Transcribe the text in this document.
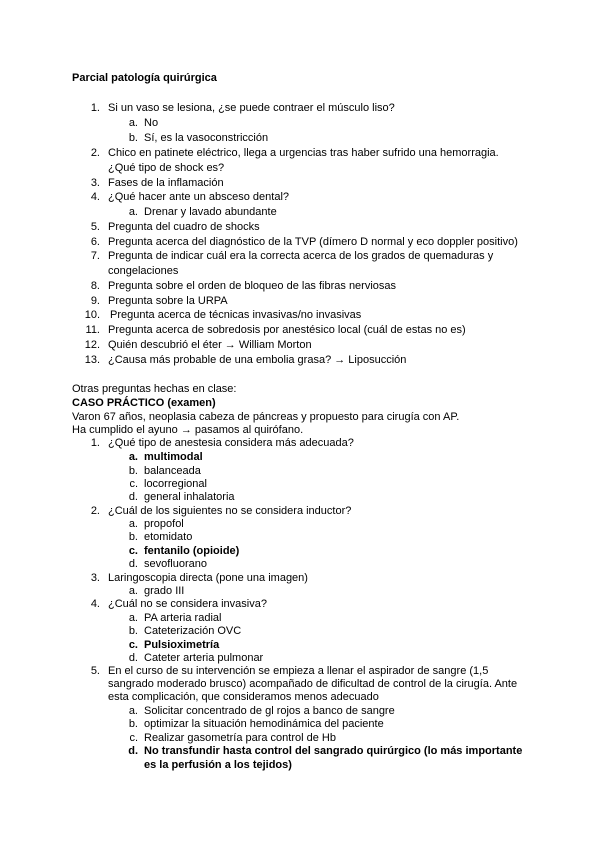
Parcial patología quirúrgica
1. Si un vaso se lesiona, ¿se puede contraer el músculo liso?
a. No
b. Sí, es la vasoconstricción
2. Chico en patinete eléctrico, llega a urgencias tras haber sufrido una hemorragia.
¿Qué tipo de shock es?
3. Fases de la inflamación
4. ¿Qué hacer ante un absceso dental?
a. Drenar y lavado abundante
5. Pregunta del cuadro de shocks
6. Pregunta acerca del diagnóstico de la TVP (dímero D normal y eco doppler positivo)
7. Pregunta de indicar cuál era la correcta acerca de los grados de quemaduras y
congelaciones
8. Pregunta sobre el orden de bloqueo de las fibras nerviosas
9. Pregunta sobre la URPA
10. Pregunta acerca de técnicas invasivas/no invasivas
11. Pregunta acerca de sobredosis por anestésico local (cuál de estas no es)
12. Quién descubrió el éter → William Morton
13. ¿Causa más probable de una embolia grasa? → Liposucción
Otras preguntas hechas en clase:
CASO PRÁCTICO (examen)
Varon 67 años, neoplasia cabeza de páncreas y propuesto para cirugía con AP.
Ha cumplido el ayuno → pasamos al quirófano.
1. ¿Qué tipo de anestesia considera más adecuada?
a. multimodal
b. balanceada
c. locorregional
d. general inhalatoria
2. ¿Cuál de los siguientes no se considera inductor?
a. propofol
b. etomidato
c. fentanilo (opioide)
d. sevofluorano
3. Laringoscopia directa (pone una imagen)
a. grado III
4. ¿Cuál no se considera invasiva?
a. PA arteria radial
b. Cateterización OVC
c. Pulsioximetría
d. Cateter arteria pulmonar
5. En el curso de su intervención se empieza a llenar el aspirador de sangre (1,5
sangrado moderado brusco) acompañado de dificultad de control de la cirugía. Ante
esta complicación, que consideramos menos adecuado
a. Solicitar concentrado de gl rojos a banco de sangre
b. optimizar la situación hemodinámica del paciente
c. Realizar gasometría para control de Hb
d. No transfundir hasta control del sangrado quirúrgico (lo más importante
es la perfusión a los tejidos)
